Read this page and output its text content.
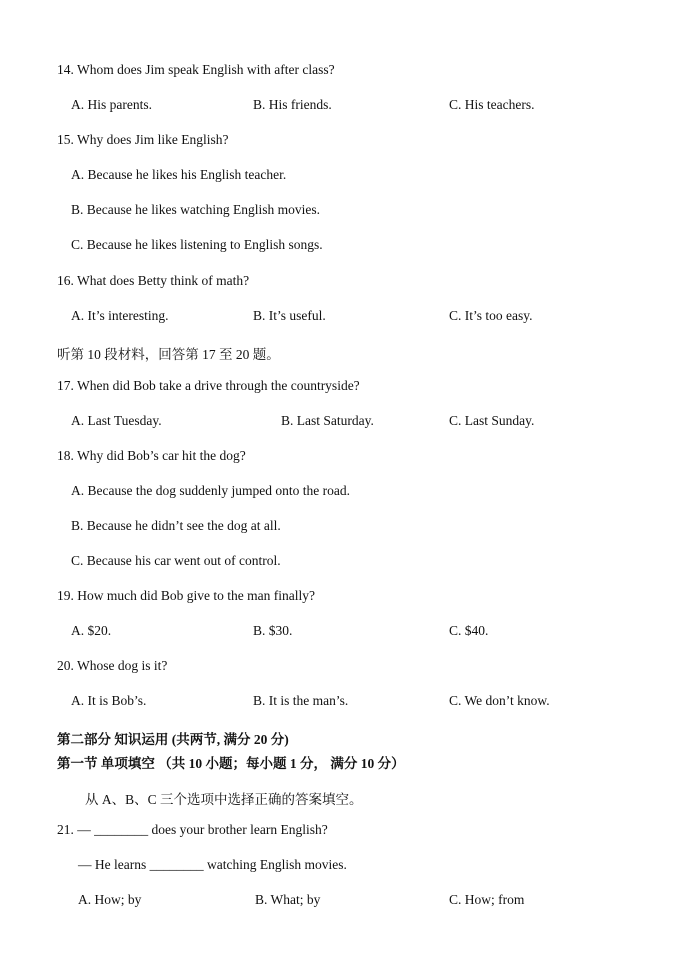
14. Whom does Jim speak English with after class?
A. His parents.	B. His friends.	C. His teachers.
15. Why does Jim like English?
A. Because he likes his English teacher.
B. Because he likes watching English movies.
C. Because he likes listening to English songs.
16. What does Betty think of math?
A. It’s interesting.	B. It’s useful.	C. It’s too easy.
听第 10 段材料，回答第 17 至 20 题。
17. When did Bob take a drive through the countryside?
A. Last Tuesday.	B. Last Saturday.	C. Last Sunday.
18. Why did Bob’s car hit the dog?
A. Because the dog suddenly jumped onto the road.
B. Because he didn’t see the dog at all.
C. Because his car went out of control.
19. How much did Bob give to the man finally?
A. $20.	B. $30.	C. $40.
20. Whose dog is it?
A. It is Bob’s.	B. It is the man’s.	C. We don’t know.
第二部分 知识运用 (共两节, 满分 20 分)
第一节 单项填空 （共 10 小题；每小题 1 分， 满分 10 分）
从 A、B、C 三个选项中选择正确的答案填空。
21. — ________ does your brother learn English?
— He learns ________ watching English movies.
A. How; by	B. What; by	C. How; from
